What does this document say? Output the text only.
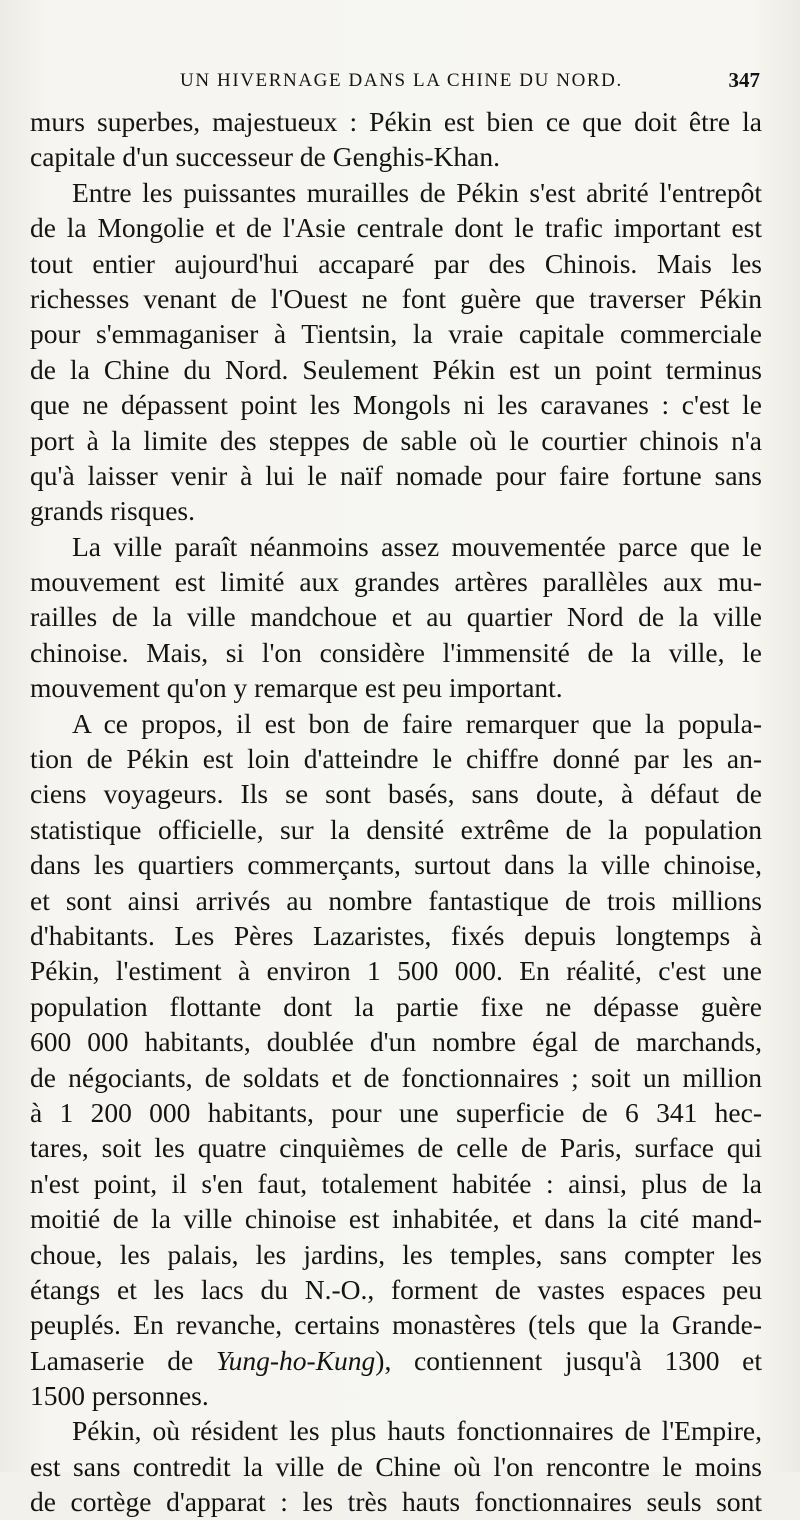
UN HIVERNAGE DANS LA CHINE DU NORD.	347
murs superbes, majestueux : Pékin est bien ce que doit être la
capitale d'un successeur de Genghis-Khan.
Entre les puissantes murailles de Pékin s'est abrité l'entrepôt
de la Mongolie et de l'Asie centrale dont le trafic important est
tout entier aujourd'hui accaparé par des Chinois. Mais les
richesses venant de l'Ouest ne font guère que traverser Pékin
pour s'emmaganiser à Tientsin, la vraie capitale commerciale
de la Chine du Nord. Seulement Pékin est un point terminus
que ne dépassent point les Mongols ni les caravanes : c'est le
port à la limite des steppes de sable où le courtier chinois n'a
qu'à laisser venir à lui le naïf nomade pour faire fortune sans
grands risques.
La ville paraît néanmoins assez mouvementée parce que le
mouvement est limité aux grandes artères parallèles aux mu-
railles de la ville mandchoue et au quartier Nord de la ville
chinoise. Mais, si l'on considère l'immensité de la ville, le
mouvement qu'on y remarque est peu important.
A ce propos, il est bon de faire remarquer que la popula-
tion de Pékin est loin d'atteindre le chiffre donné par les an-
ciens voyageurs. Ils se sont basés, sans doute, à défaut de
statistique officielle, sur la densité extrême de la population
dans les quartiers commerçants, surtout dans la ville chinoise,
et sont ainsi arrivés au nombre fantastique de trois millions
d'habitants. Les Pères Lazaristes, fixés depuis longtemps à
Pékin, l'estiment à environ 1 500 000. En réalité, c'est une
population flottante dont la partie fixe ne dépasse guère
600 000 habitants, doublée d'un nombre égal de marchands,
de négociants, de soldats et de fonctionnaires ; soit un million
à 1 200 000 habitants, pour une superficie de 6 341 hec-
tares, soit les quatre cinquièmes de celle de Paris, surface qui
n'est point, il s'en faut, totalement habitée : ainsi, plus de la
moitié de la ville chinoise est inhabitée, et dans la cité mand-
choue, les palais, les jardins, les temples, sans compter les
étangs et les lacs du N.-O., forment de vastes espaces peu
peuplés. En revanche, certains monastères (tels que la Grande-
Lamaserie de Yung-ho-Kung), contiennent jusqu'à 1300 et
1500 personnes.
Pékin, où résident les plus hauts fonctionnaires de l'Empire,
est sans contredit la ville de Chine où l'on rencontre le moins
de cortège d'apparat : les très hauts fonctionnaires seuls sont
